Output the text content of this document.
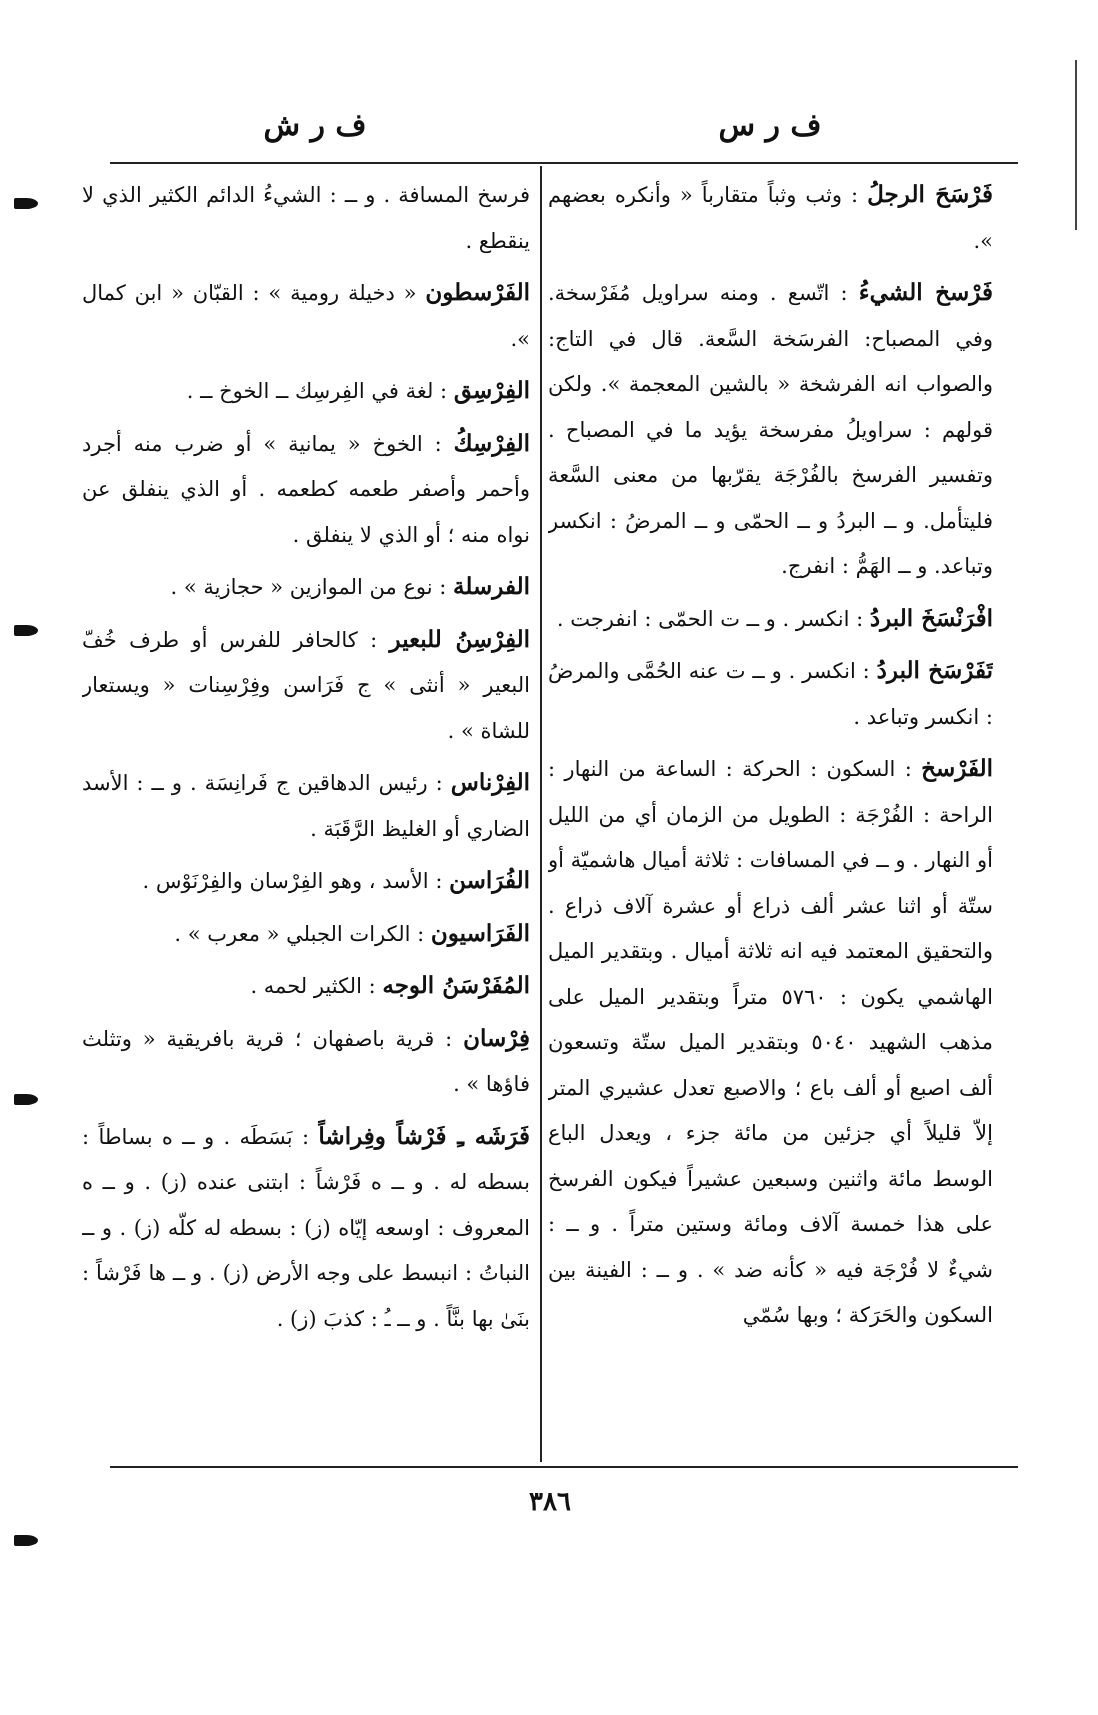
ف ر س
ف ر ش

فَرْسَحَ الرجلُ : وثب وثباً متقارباً « وأنكره بعضهم ».

فَرْسخ الشيءُ : اتّسع . ومنه سراويل مُفَرْسخة. وفي المصباح: الفرسَخة السَّعة. قال في التاج: والصواب انه الفرشخة « بالشين المعجمة ». ولكن قولهم : سراويلُ مفرسخة يؤيد ما في المصباح . وتفسير الفرسخ بالفُرْجَة يقرّبها من معنى السَّعة فليتأمل. و ــ البردُ و ــ الحمّى و ــ المرضُ : انكسر وتباعد. و ــ الهَمُّ : انفرج.

افْرَنْسَخَ البردُ : انكسر . و ــ ت الحمّى : انفرجت .

تَفَرْسَخ البردُ : انكسر . و ــ ت عنه الحُمَّى والمرضُ : انكسر وتباعد .

الفَرْسخ : السكون : الحركة : الساعة من النهار : الراحة : الفُرْجَة : الطويل من الزمان أي من الليل أو النهار . و ــ في المسافات : ثلاثة أميال هاشميّة أو ستّة أو اثنا عشر ألف ذراع أو عشرة آلاف ذراع . والتحقيق المعتمد فيه انه ثلاثة أميال . وبتقدير الميل الهاشمي يكون : ٥٧٦٠ متراً وبتقدير الميل على مذهب الشهيد ٥٠٤٠ وبتقدير الميل ستّة وتسعون ألف اصبع أو ألف باع ؛ والاصبع تعدل عشيري المتر إلاّ قليلاً أي جزئين من مائة جزء ، ويعدل الباع الوسط مائة واثنين وسبعين عشيراً فيكون الفرسخ على هذا خمسة آلاف ومائة وستين متراً . و ــ : شيءٌ لا فُرْجَة فيه « كأنه ضد » . و ــ : الفينة بين السكون والحَرَكة ؛ وبها سُمّي

فرسخ المسافة . و ــ : الشيءُ الدائم الكثير الذي لا ينقطع .

الفَرْسطون « دخيلة رومية » : القبّان « ابن كمال ».

الفِرْسِق : لغة في الفِرسِك ــ الخوخ ــ .

الفِرْسِكُ : الخوخ « يمانية » أو ضرب منه أجرد وأحمر وأصفر طعمه كطعمه . أو الذي ينفلق عن نواه منه ؛ أو الذي لا ينفلق .

الفرسلة : نوع من الموازين « حجازية » .

الفِرْسِنُ للبعير : كالحافر للفرس أو طرف خُفّ البعير « أنثى » ج فَرَاسن وفِرْسِنات « ويستعار للشاة » .

الفِرْناس : رئيس الدهاقين ج فَرانِسَة . و ــ : الأسد الضاري أو الغليظ الرَّقَبَة .

الفُرَاسن : الأسد ، وهو الفِرْسان والفِرْنَوْس .

الفَرَاسيون : الكرات الجبلي « معرب » .

المُفَرْسَنُ الوجه : الكثير لحمه .

فِرْسان : قرية باصفهان ؛ قرية بافريقية « وتثلث فاؤها » .

فَرَشَه ـِ فَرْشاً وفِراشاً : بَسَطَه . و ــ ه بساطاً : بسطه له . و ــ ه فَرْشاً : ابتنى عنده (ز) . و ــ ه المعروف : اوسعه إيّاه (ز) : بسطه له كلّه (ز) . و ــ النباتُ : انبسط على وجه الأرض (ز) . و ــ ها فَرْشاً : بنَىٰ بها بنَّاً . و ــ ـُ : كذبَ (ز) .

٣٨٦
